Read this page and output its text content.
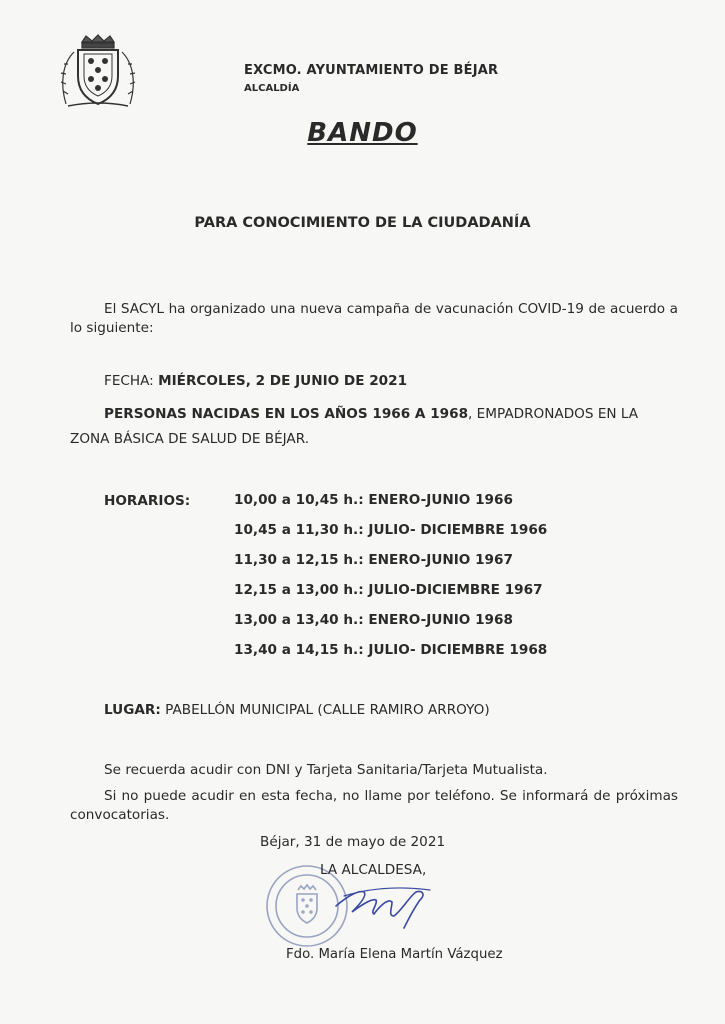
EXCMO. AYUNTAMIENTO DE BÉJAR
ALCALDÍA
BANDO
PARA CONOCIMIENTO DE LA CIUDADANÍA
El SACYL ha organizado una nueva campaña de vacunación COVID-19 de acuerdo a lo siguiente:
FECHA: MIÉRCOLES, 2 DE JUNIO DE 2021
PERSONAS NACIDAS EN LOS AÑOS 1966 A 1968, EMPADRONADOS EN LA ZONA BÁSICA DE SALUD DE BÉJAR.
HORARIOS:	10,00 a 10,45 h.: ENERO-JUNIO 1966
10,45 a 11,30 h.: JULIO- DICIEMBRE 1966
11,30 a 12,15 h.: ENERO-JUNIO 1967
12,15 a 13,00 h.: JULIO-DICIEMBRE 1967
13,00 a 13,40 h.: ENERO-JUNIO 1968
13,40 a 14,15 h.: JULIO- DICIEMBRE 1968
LUGAR: PABELLÓN MUNICIPAL (CALLE RAMIRO ARROYO)
Se recuerda acudir con DNI y Tarjeta Sanitaria/Tarjeta Mutualista.
Si no puede acudir en esta fecha, no llame por teléfono. Se informará de próximas convocatorias.
Béjar, 31 de mayo de 2021
LA ALCALDESA,
Fdo. María Elena Martín Vázquez
